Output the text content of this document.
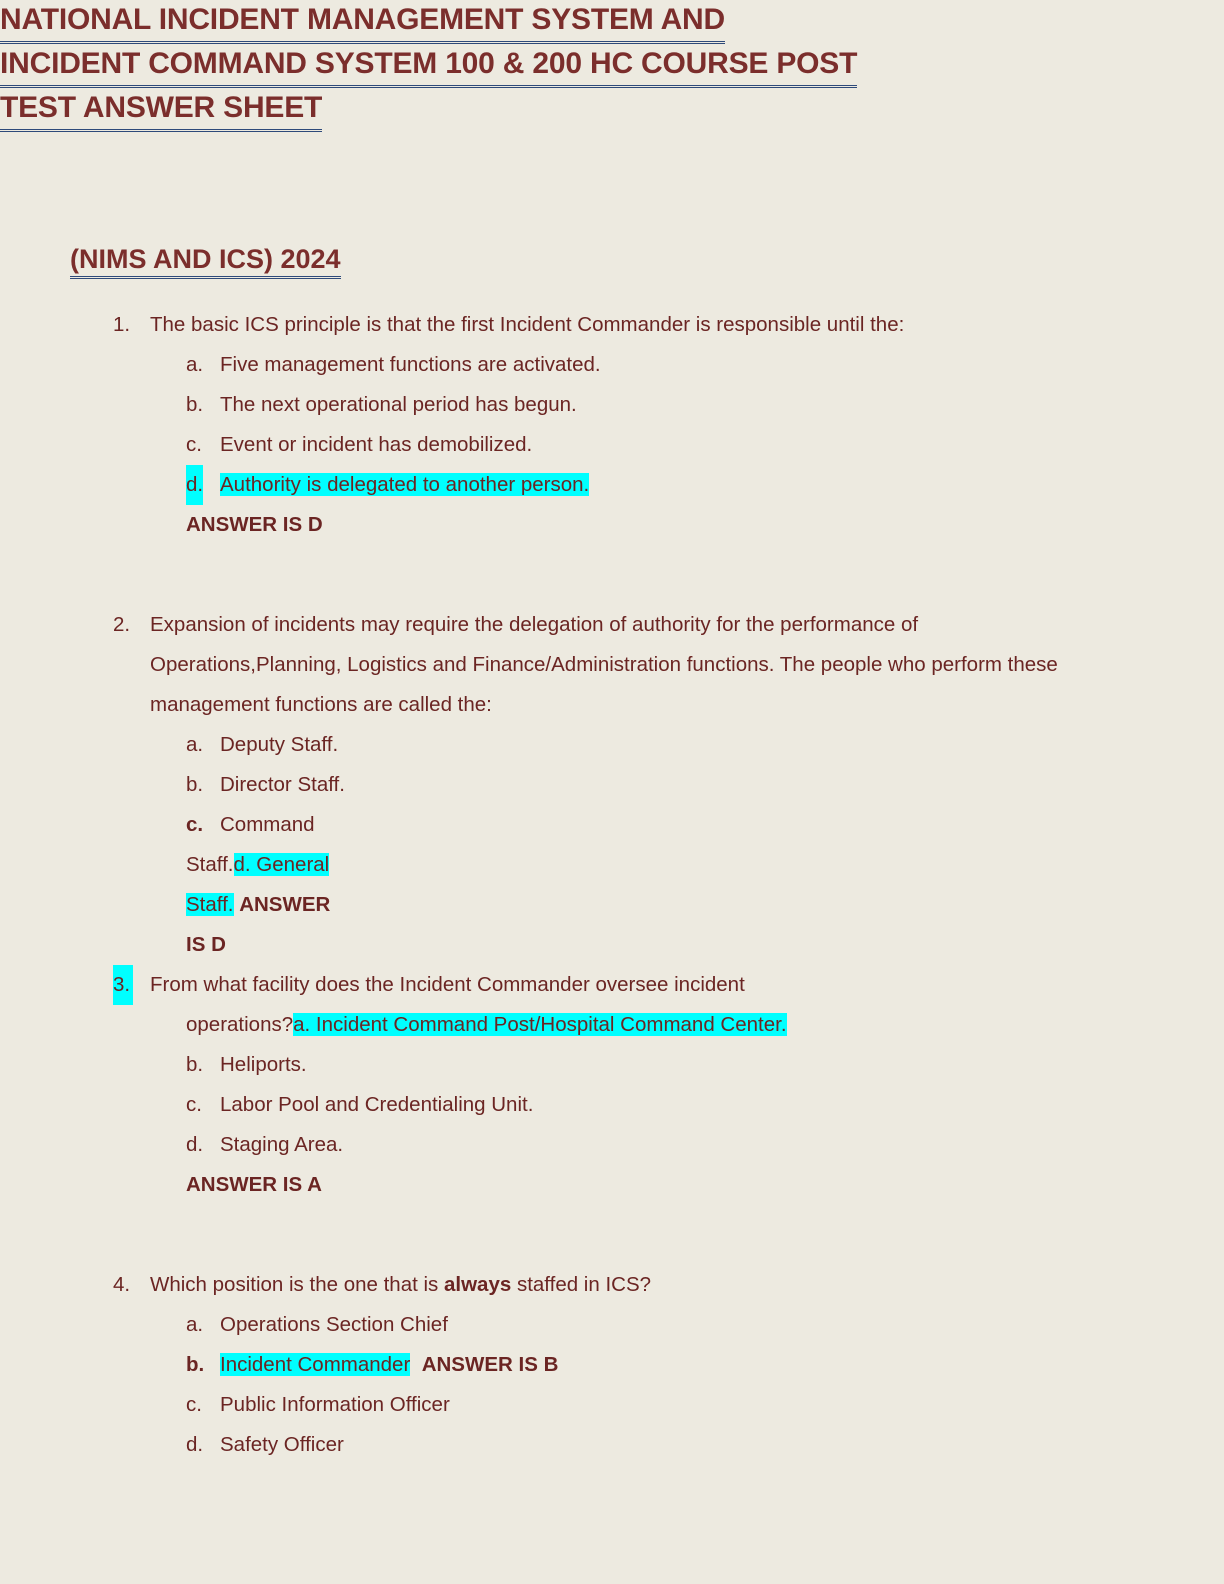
NATIONAL INCIDENT MANAGEMENT SYSTEM AND
INCIDENT COMMAND SYSTEM 100 & 200 HC COURSE POST
TEST ANSWER SHEET
(NIMS AND ICS) 2024
1. The basic ICS principle is that the first Incident Commander is responsible until the:
a. Five management functions are activated.
b. The next operational period has begun.
c. Event or incident has demobilized.
d. Authority is delegated to another person.
ANSWER IS D
2. Expansion of incidents may require the delegation of authority for the performance of Operations,Planning, Logistics and Finance/Administration functions. The people who perform these management functions are called the:
a. Deputy Staff.
b. Director Staff.
c. Command
Staff.d. General
Staff. ANSWER
IS D
3. From what facility does the Incident Commander oversee incident
operations?a. Incident Command Post/Hospital Command Center.
b. Heliports.
c. Labor Pool and Credentialing Unit.
d. Staging Area.
ANSWER IS A
4. Which position is the one that is always staffed in ICS?
a. Operations Section Chief
b. Incident Commander ANSWER IS B
c. Public Information Officer
d. Safety Officer
